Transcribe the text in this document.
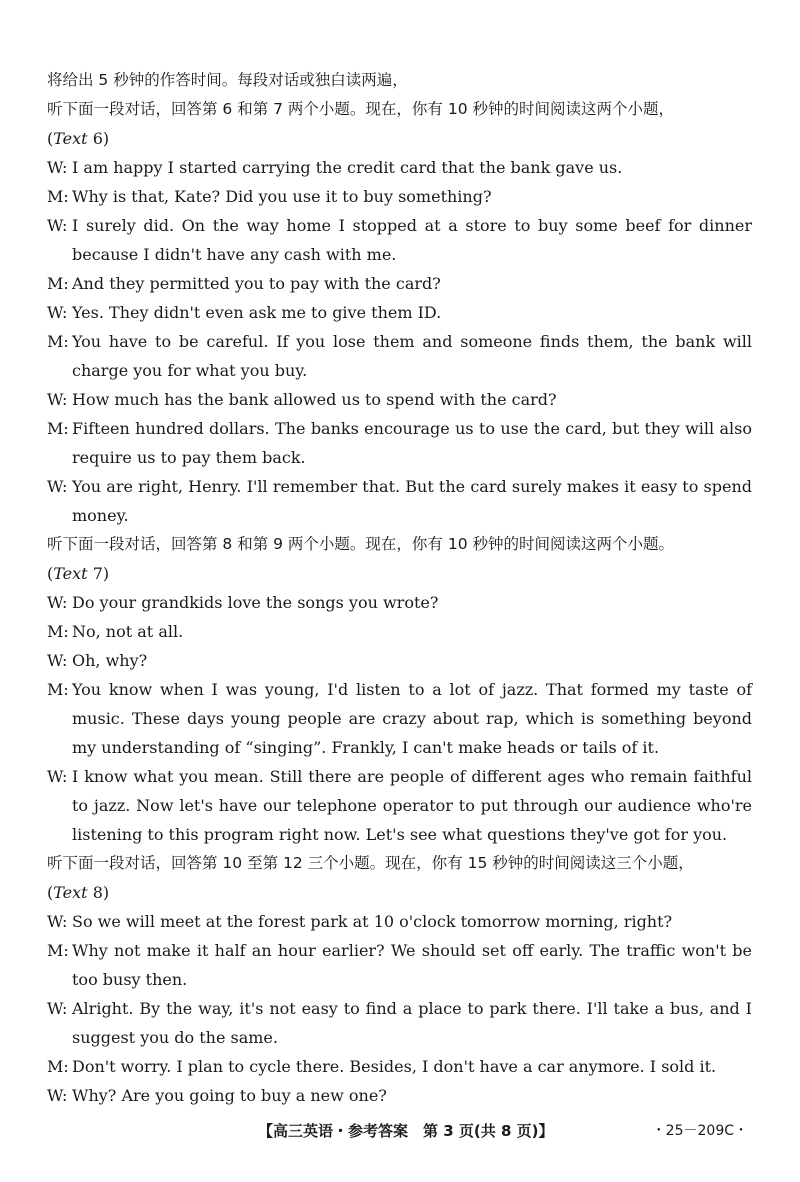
将给出 5 秒钟的作答时间。每段对话或独白读两遍，
听下面一段对话，回答第 6 和第 7 两个小题。现在，你有 10 秒钟的时间阅读这两个小题，
(Text 6)
W: I am happy I started carrying the credit card that the bank gave us.
M: Why is that, Kate? Did you use it to buy something?
W: I surely did. On the way home I stopped at a store to buy some beef for dinner because I didn't have any cash with me.
M: And they permitted you to pay with the card?
W: Yes. They didn't even ask me to give them ID.
M: You have to be careful. If you lose them and someone finds them, the bank will charge you for what you buy.
W: How much has the bank allowed us to spend with the card?
M: Fifteen hundred dollars. The banks encourage us to use the card, but they will also require us to pay them back.
W: You are right, Henry. I'll remember that. But the card surely makes it easy to spend money.
听下面一段对话，回答第 8 和第 9 两个小题。现在，你有 10 秒钟的时间阅读这两个小题。
(Text 7)
W: Do your grandkids love the songs you wrote?
M: No, not at all.
W: Oh, why?
M: You know when I was young, I'd listen to a lot of jazz. That formed my taste of music. These days young people are crazy about rap, which is something beyond my understanding of “singing”. Frankly, I can't make heads or tails of it.
W: I know what you mean. Still there are people of different ages who remain faithful to jazz. Now let's have our telephone operator to put through our audience who're listening to this program right now. Let's see what questions they've got for you.
听下面一段对话，回答第 10 至第 12 三个小题。现在，你有 15 秒钟的时间阅读这三个小题，
(Text 8)
W: So we will meet at the forest park at 10 o'clock tomorrow morning, right?
M: Why not make it half an hour earlier? We should set off early. The traffic won't be too busy then.
W: Alright. By the way, it's not easy to find a place to park there. I'll take a bus, and I suggest you do the same.
M: Don't worry. I plan to cycle there. Besides, I don't have a car anymore. I sold it.
W: Why? Are you going to buy a new one?
【高三英语・参考答案　第 3 页(共 8 页)】	・25－209C・
